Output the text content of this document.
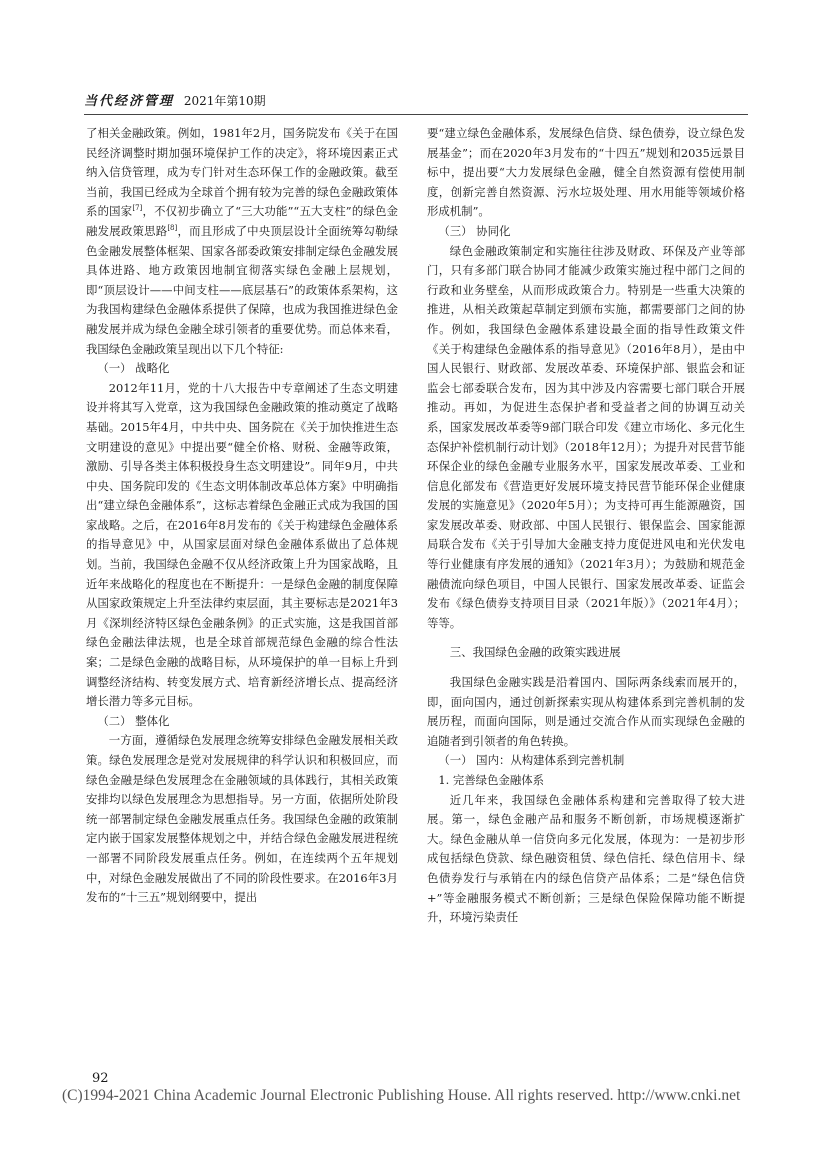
当代经济管理 2021年第10期

了相关金融政策。例如，1981年2月，国务院发布《关于在国民经济调整时期加强环境保护工作的决定》，将环境因素正式纳入信贷管理，成为专门针对生态环保工作的金融政策。截至当前，我国已经成为全球首个拥有较为完善的绿色金融政策体系的国家[7]，不仅初步确立了“三大功能”“五大支柱”的绿色金融发展政策思路[8]，而且形成了中央顶层设计全面统筹勾勒绿色金融发展整体框架、国家各部委政策安排制定绿色金融发展具体进路、地方政策因地制宜彻落实绿色金融上层规划，即“顶层设计——中间支柱——底层基石”的政策体系架构，这为我国构建绿色金融体系提供了保障，也成为我国推进绿色金融发展并成为绿色金融全球引领者的重要优势。而总体来看，我国绿色金融政策呈现出以下几个特征:

（一） 战略化

2012年11月，党的十八大报告中专章阐述了生态文明建设并将其写入党章，这为我国绿色金融政策的推动奠定了战略基础。2015年4月，中共中央、国务院在《关于加快推进生态文明建设的意见》中提出要“健全价格、财税、金融等政策，激励、引导各类主体积极投身生态文明建设”。同年9月，中共中央、国务院印发的《生态文明体制改革总体方案》中明确指出“建立绿色金融体系”，这标志着绿色金融正式成为我国的国家战略。之后，在2016年8月发布的《关于构建绿色金融体系的指导意见》中，从国家层面对绿色金融体系做出了总体规划。当前，我国绿色金融不仅从经济政策上升为国家战略，且近年来战略化的程度也在不断提升：一是绿色金融的制度保障从国家政策规定上升至法律约束层面，其主要标志是2021年3月《深圳经济特区绿色金融条例》的正式实施，这是我国首部绿色金融法律法规，也是全球首部规范绿色金融的综合性法案；二是绿色金融的战略目标，从环境保护的单一目标上升到调整经济结构、转变发展方式、培育新经济增长点、提高经济增长潜力等多元目标。

（二） 整体化

一方面，遵循绿色发展理念统筹安排绿色金融发展相关政策。绿色发展理念是党对发展规律的科学认识和积极回应，而绿色金融是绿色发展理念在金融领域的具体践行，其相关政策安排均以绿色发展理念为思想指导。另一方面，依据所处阶段统一部署制定绿色金融发展重点任务。我国绿色金融的政策制定内嵌于国家发展整体规划之中，并结合绿色金融发展进程统一部署不同阶段发展重点任务。例如，在连续两个五年规划中，对绿色金融发展做出了不同的阶段性要求。在2016年3月发布的“十三五”规划纲要中，提出

要“建立绿色金融体系，发展绿色信贷、绿色债券，设立绿色发展基金”；而在2020年3月发布的“十四五”规划和2035远景目标中，提出要“大力发展绿色金融，健全自然资源有偿使用制度，创新完善自然资源、污水垃圾处理、用水用能等领域价格形成机制”。

（三） 协同化

绿色金融政策制定和实施往往涉及财政、环保及产业等部门，只有多部门联合协同才能减少政策实施过程中部门之间的行政和业务壁垒，从而形成政策合力。特别是一些重大决策的推进，从相关政策起草制定到颁布实施，都需要部门之间的协作。例如，我国绿色金融体系建设最全面的指导性政策文件《关于构建绿色金融体系的指导意见》（2016年8月），是由中国人民银行、财政部、发展改革委、环境保护部、银监会和证监会七部委联合发布，因为其中涉及内容需要七部门联合开展推动。再如，为促进生态保护者和受益者之间的协调互动关系，国家发展改革委等9部门联合印发《建立市场化、多元化生态保护补偿机制行动计划》（2018年12月）；为提升对民营节能环保企业的绿色金融专业服务水平，国家发展改革委、工业和信息化部发布《营造更好发展环境支持民营节能环保企业健康发展的实施意见》（2020年5月）；为支持可再生能源融资，国家发展改革委、财政部、中国人民银行、银保监会、国家能源局联合发布《关于引导加大金融支持力度促进风电和光伏发电等行业健康有序发展的通知》（2021年3月）；为鼓励和规范金融债流向绿色项目，中国人民银行、国家发展改革委、证监会发布《绿色债券支持项目目录（2021年版）》（2021年4月）；等等。

三、我国绿色金融的政策实践进展

我国绿色金融实践是沿着国内、国际两条线索而展开的，即，面向国内，通过创新探索实现从构建体系到完善机制的发展历程，而面向国际，则是通过交流合作从而实现绿色金融的追随者到引领者的角色转换。

（一） 国内：从构建体系到完善机制

1. 完善绿色金融体系

近几年来，我国绿色金融体系构建和完善取得了较大进展。第一，绿色金融产品和服务不断创新，市场规模逐渐扩大。绿色金融从单一信贷向多元化发展，体现为：一是初步形成包括绿色贷款、绿色融资租赁、绿色信托、绿色信用卡、绿色债券发行与承销在内的绿色信贷产品体系；二是“绿色信贷+”等金融服务模式不断创新；三是绿色保险保障功能不断提升，环境污染责任

92
(C)1994-2021 China Academic Journal Electronic Publishing House. All rights reserved. http://www.cnki.net
